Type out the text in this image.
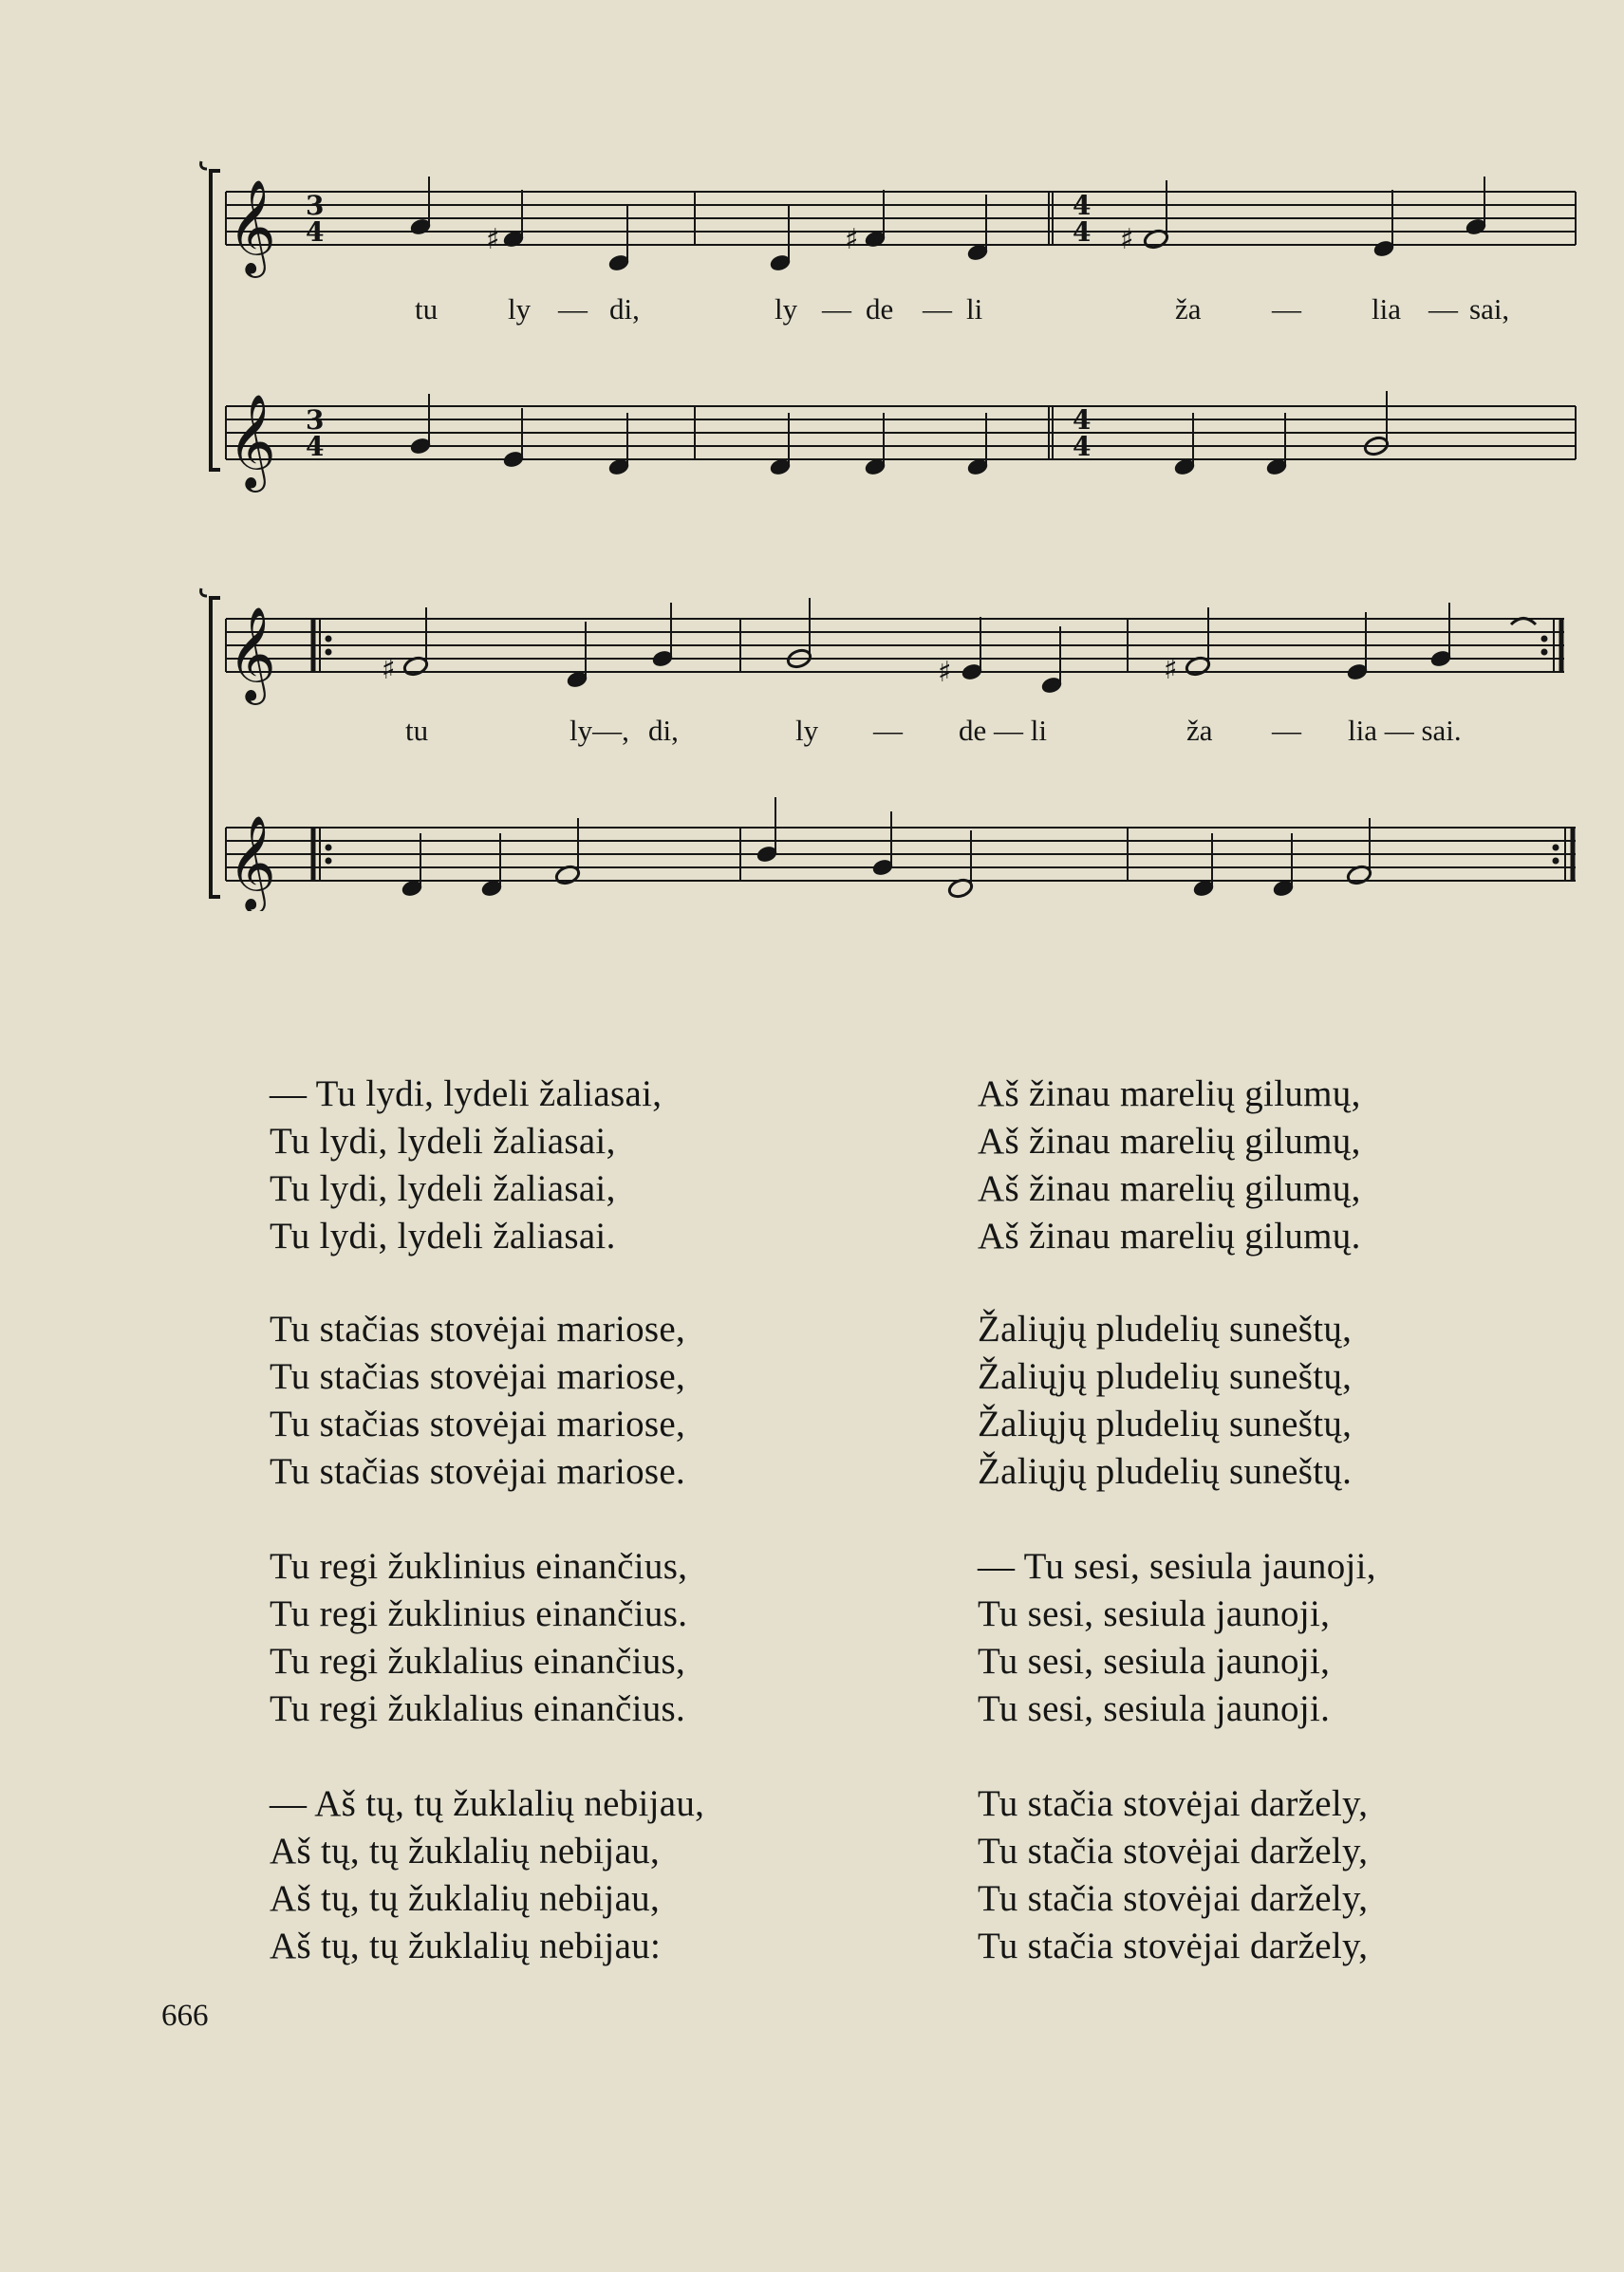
𝄞 3
4
4
4
♯	♯	♯
𝄞 3
4
4
4
tu ly — di,	ly — de — li	ža — lia — sai,
𝄞	♯	♯	♯
𝄞
tu	ly—, di,	ly — de — li	ža — lia — sai.
— Tu lydi, lydeli žaliasai,
Tu lydi, lydeli žaliasai,
Tu lydi, lydeli žaliasai,
Tu lydi, lydeli žaliasai.
Tu stačias stovėjai mariose,
Tu stačias stovėjai mariose,
Tu stačias stovėjai mariose,
Tu stačias stovėjai mariose.
Tu regi žuklinius einančius,
Tu regi žuklinius einančius.
Tu regi žuklalius einančius,
Tu regi žuklalius einančius.
— Aš tų, tų žuklalių nebijau,
Aš tų, tų žuklalių nebijau,
Aš tų, tų žuklalių nebijau,
Aš tų, tų žuklalių nebijau:
Aš žinau marelių gilumų,
Aš žinau marelių gilumų,
Aš žinau marelių gilumų,
Aš žinau marelių gilumų.
Žaliųjų pludelių suneštų,
Žaliųjų pludelių suneštų,
Žaliųjų pludelių suneštų,
Žaliųjų pludelių suneštų.
— Tu sesi, sesiula jaunoji,
Tu sesi, sesiula jaunoji,
Tu sesi, sesiula jaunoji,
Tu sesi, sesiula jaunoji.
Tu stačia stovėjai daržely,
Tu stačia stovėjai daržely,
Tu stačia stovėjai daržely,
Tu stačia stovėjai daržely,
666
